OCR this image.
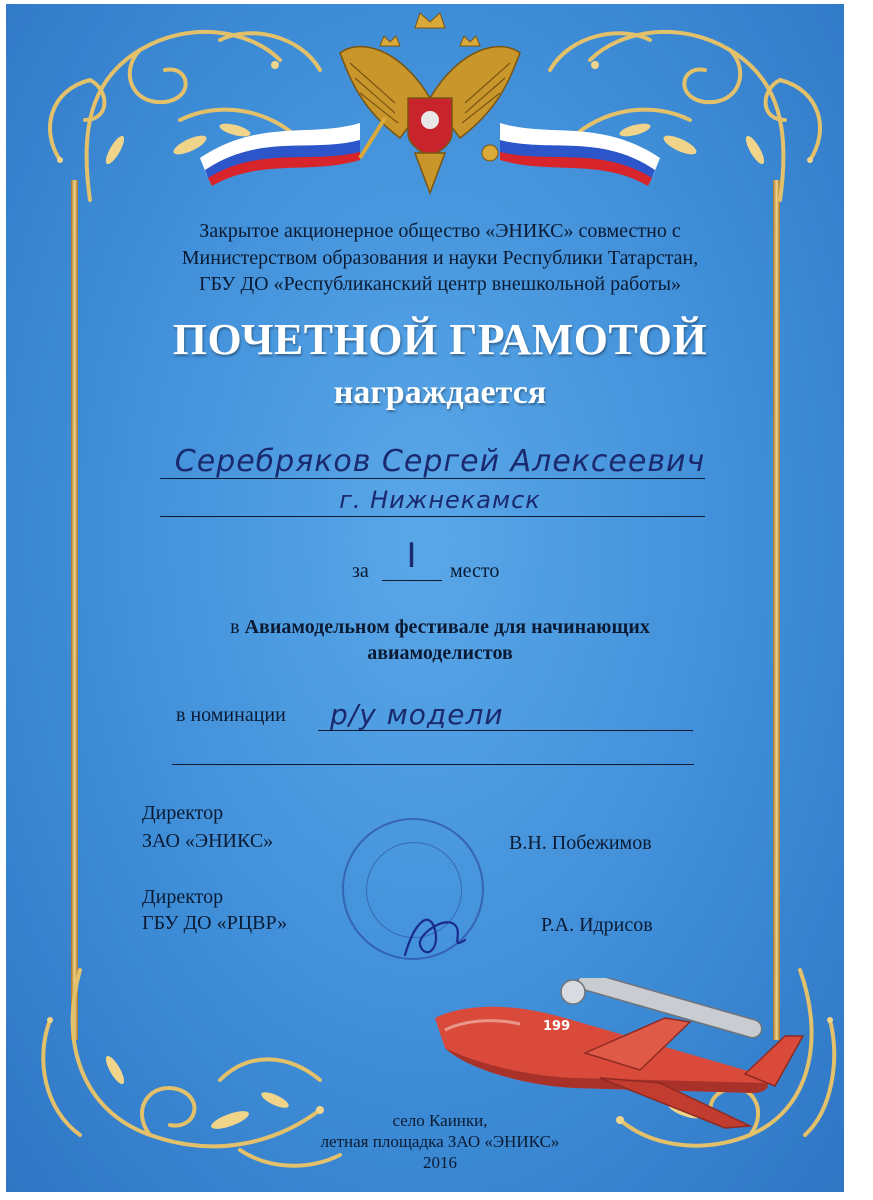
Закрытое акционерное общество «ЭНИКС» совместно с
Министерством образования и науки Республики Татарстан,
ГБУ ДО «Республиканский центр внешкольной работы»
ПОЧЕТНОЙ ГРАМОТОЙ
награждается
Серебряков Сергей Алексеевич
г. Нижнекамск
за	I	место
в Авиамодельном фестивале для начинающих
авиамоделистов
в номинации р/у модели
Директор
ЗАО «ЭНИКС»	В.Н. Побежимов
Директор
ГБУ ДО «РЦВР»	Р.А. Идрисов
199
село Каинки,
летная площадка ЗАО «ЭНИКС»
2016
